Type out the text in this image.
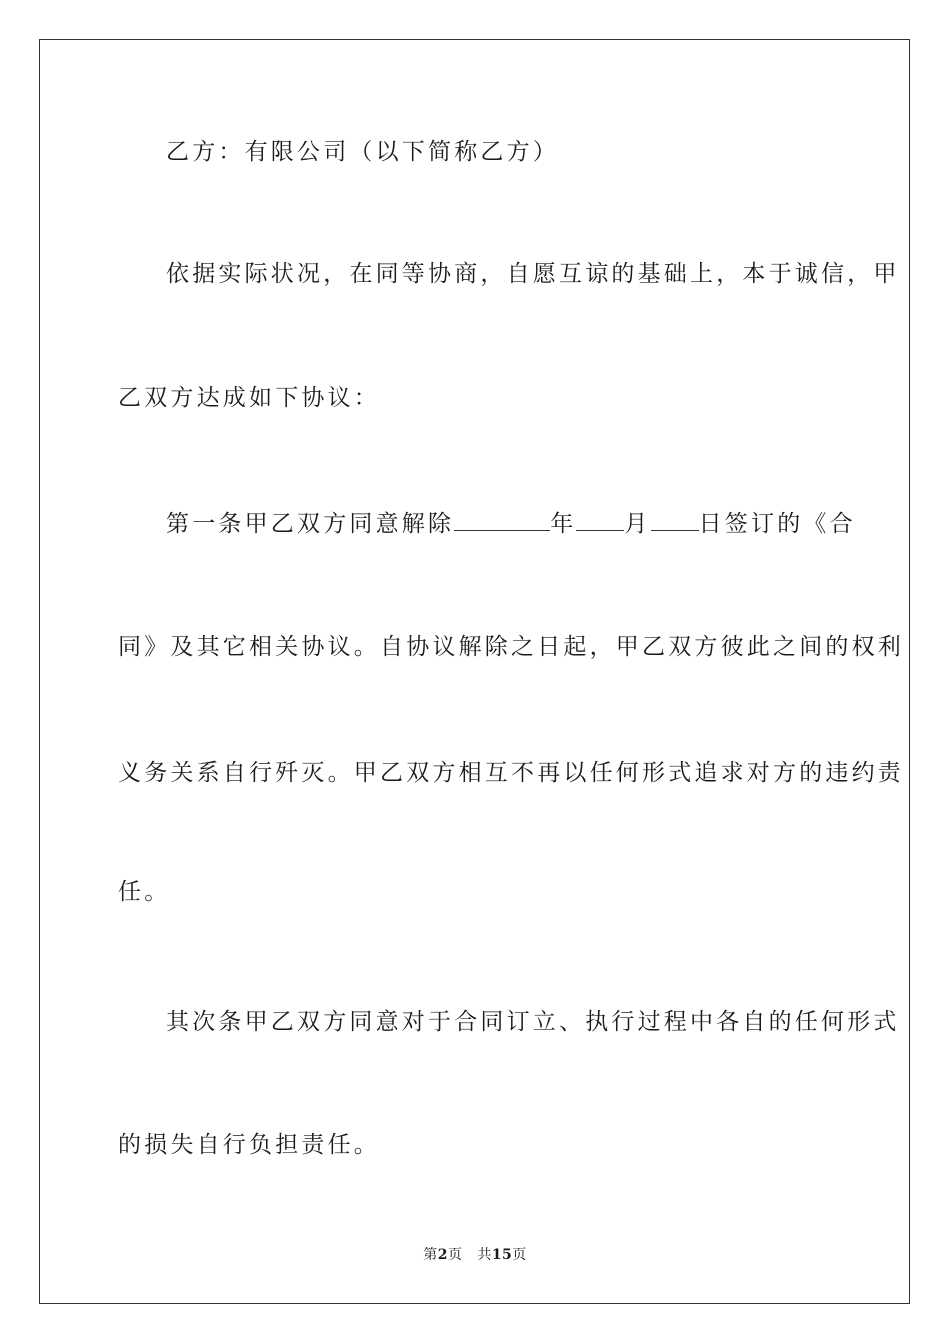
乙方：有限公司（以下简称乙方）
依据实际状况，在同等协商，自愿互谅的基础上，本于诚信，甲
乙双方达成如下协议：
第一条甲乙双方同意解除	年 月 日签订的《合
同》及其它相关协议。自协议解除之日起，甲乙双方彼此之间的权利
义务关系自行歼灭。甲乙双方相互不再以任何形式追求对方的违约责
任。
其次条甲乙双方同意对于合同订立、执行过程中各自的任何形式
的损失自行负担责任。
第2页 共15页
